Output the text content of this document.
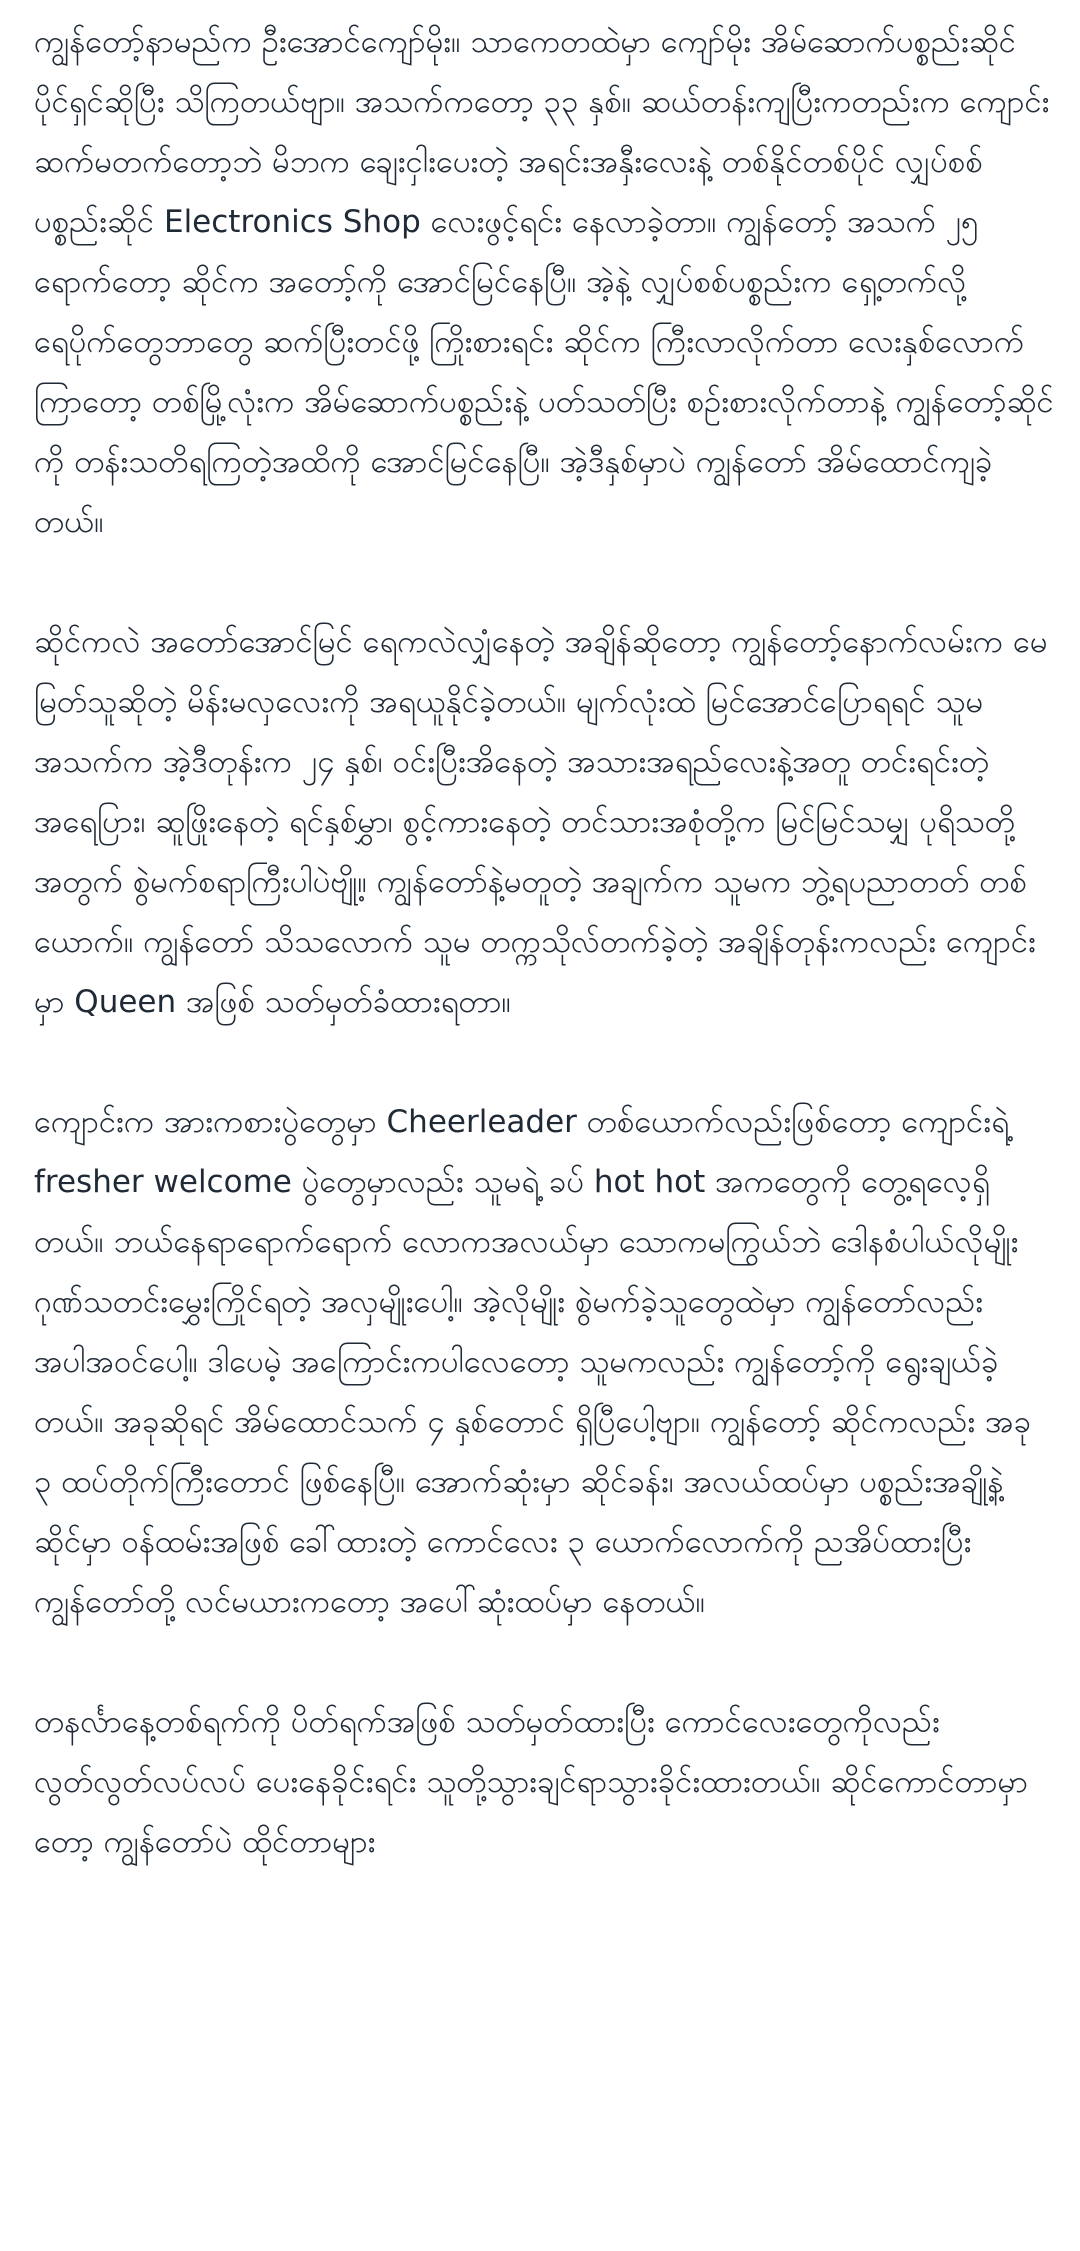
ကျွန်တော့်နာမည်က ဦးအောင်ကျော်မိုး။ သာကေတထဲမှာ ကျော်မိုး အိမ်ဆောက်ပစ္စည်းဆိုင် ပိုင်ရှင်ဆိုပြီး သိကြတယ်ဗျာ။ အသက်ကတော့ ၃၃ နှစ်။ ဆယ်တန်းကျပြီးကတည်းက ကျောင်းဆက်မတက်တော့ဘဲ မိဘက ချေးငှါးပေးတဲ့ အရင်းအနှီးလေးနဲ့ တစ်နိုင်တစ်ပိုင် လျှပ်စစ်ပစ္စည်းဆိုင် Electronics Shop လေးဖွင့်ရင်း နေလာခဲ့တာ။ ကျွန်တော့် အသက် ၂၅ ရောက်တော့ ဆိုင်က အတော့်ကို အောင်မြင်နေပြီ။ အဲ့နဲ့ လျှပ်စစ်ပစ္စည်းက ရှေ့တက်လို့ ရေပိုက်တွေဘာတွေ ဆက်ပြီးတင်ဖို့ ကြိုးစားရင်း ဆိုင်က ကြီးလာလိုက်တာ လေးနှစ်လောက်ကြာတော့ တစ်မြို့လုံးက အိမ်ဆောက်ပစ္စည်းနဲ့ ပတ်သတ်ပြီး စဉ်းစားလိုက်တာနဲ့ ကျွန်တော့်ဆိုင်ကို တန်းသတိရကြတဲ့အထိကို အောင်မြင်နေပြီ။ အဲ့ဒီနှစ်မှာပဲ ကျွန်တော် အိမ်ထောင်ကျခဲ့တယ်။

ဆိုင်ကလဲ အတော်အောင်မြင် ရေကလဲလျှံနေတဲ့ အချိန်ဆိုတော့ ကျွန်တော့်နောက်လမ်းက မေမြတ်သူဆိုတဲ့ မိန်းမလှလေးကို အရယူနိုင်ခဲ့တယ်။ မျက်လုံးထဲ မြင်အောင်ပြောရရင် သူမအသက်က အဲ့ဒီတုန်းက ၂၄ နှစ်၊ ဝင်းပြီးအိနေတဲ့ အသားအရည်လေးနဲ့အတူ တင်းရင်းတဲ့ အရေပြား၊ ဆူဖြိုးနေတဲ့ ရင်နှစ်မွှာ၊ စွင့်ကားနေတဲ့ တင်သားအစုံတို့က မြင်မြင်သမျှ ပုရိသတို့အတွက် စွဲမက်စရာကြီးပါပဲဗျို့။ ကျွန်တော်နဲ့မတူတဲ့ အချက်က သူမက ဘွဲ့ရပညာတတ် တစ်ယောက်။ ကျွန်တော် သိသလောက် သူမ တက္ကသိုလ်တက်ခဲ့တဲ့ အချိန်တုန်းကလည်း ကျောင်းမှာ Queen အဖြစ် သတ်မှတ်ခံထားရတာ။

ကျောင်းက အားကစားပွဲတွေမှာ Cheerleader တစ်ယောက်လည်းဖြစ်တော့ ကျောင်းရဲ့ fresher welcome ပွဲတွေမှာလည်း သူမရဲ့ ခပ် hot hot အကတွေကို တွေ့ရလေ့ရှိတယ်။ ဘယ်နေရာရောက်ရောက် လောကအလယ်မှာ သောကမကြွယ်ဘဲ ဒေါနစံပါယ်လိုမျိုး ဂုဏ်သတင်းမွှေးကြိုင်ရတဲ့ အလှမျိုးပေါ့။ အဲ့လိုမျိုး စွဲမက်ခဲ့သူတွေထဲမှာ ကျွန်တော်လည်း အပါအဝင်ပေါ့။ ဒါပေမဲ့ အကြောင်းကပါလေတော့ သူမကလည်း ကျွန်တော့်ကို ရွေးချယ်ခဲ့တယ်။ အခုဆိုရင် အိမ်ထောင်သက် ၄ နှစ်တောင် ရှိပြီပေါ့ဗျာ။ ကျွန်တော့် ဆိုင်ကလည်း အခု ၃ ထပ်တိုက်ကြီးတောင် ဖြစ်နေပြီ။ အောက်ဆုံးမှာ ဆိုင်ခန်း၊ အလယ်ထပ်မှာ ပစ္စည်းအချို့နဲ့ ဆိုင်မှာ ဝန်ထမ်းအဖြစ် ခေါ်ထားတဲ့ ကောင်လေး ၃ ယောက်လောက်ကို ညအိပ်ထားပြီး ကျွန်တော်တို့ လင်မယားကတော့ အပေါ်ဆုံးထပ်မှာ နေတယ်။

တနင်္လာနေ့တစ်ရက်ကို ပိတ်ရက်အဖြစ် သတ်မှတ်ထားပြီး ကောင်လေးတွေကိုလည်း လွတ်လွတ်လပ်လပ် ပေးနေခိုင်းရင်း သူတို့သွားချင်ရာသွားခိုင်းထားတယ်။ ဆိုင်ကောင်တာမှာတော့ ကျွန်တော်ပဲ ထိုင်တာများ
